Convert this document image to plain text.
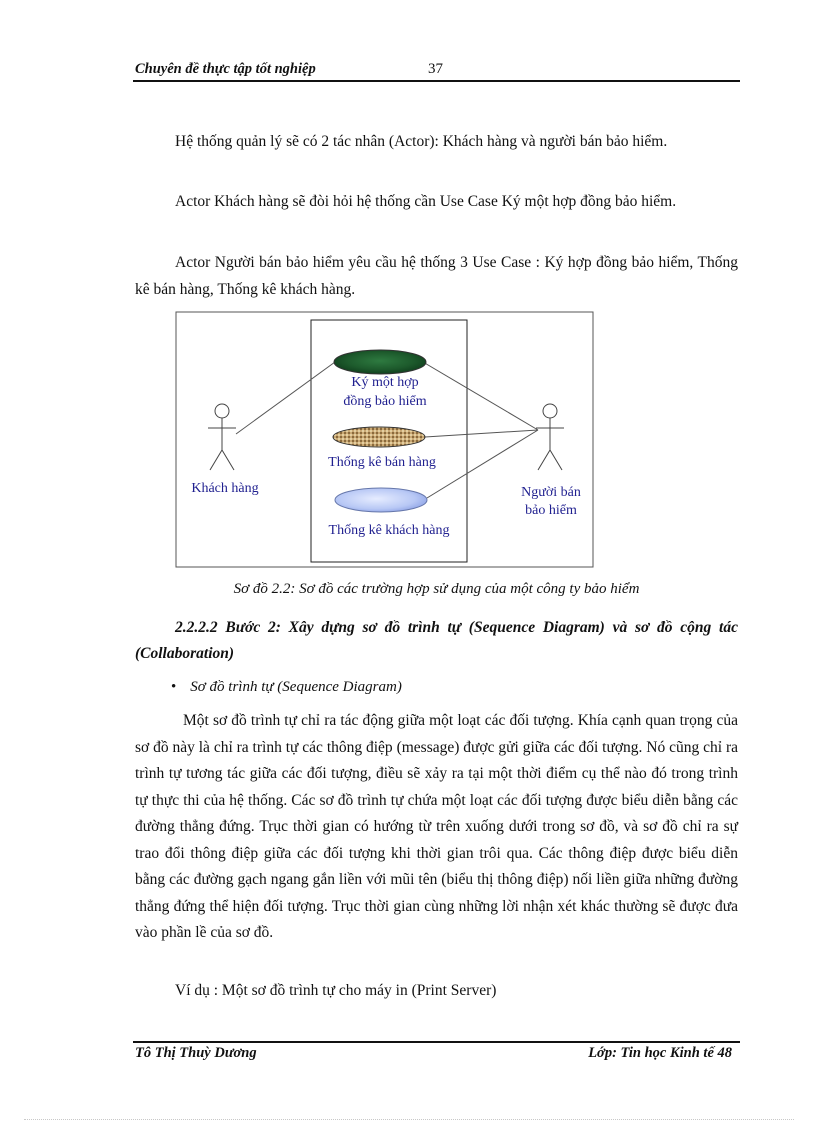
Chuyên đề thực tập tốt nghiệp	37

Hệ thống quản lý sẽ có 2 tác nhân (Actor): Khách hàng và người bán bảo hiểm.

Actor Khách hàng sẽ đòi hỏi hệ thống cần Use Case Ký một hợp đồng bảo hiểm.

Actor Người bán bảo hiểm yêu cầu hệ thống 3 Use Case : Ký hợp đồng bảo hiểm, Thống kê bán hàng, Thống kê khách hàng.

Ký một hợp
đồng bảo hiểm
Thống kê bán hàng
Thống kê khách hàng
Khách hàng	Người bán
bảo hiểm
Sơ đồ 2.2: Sơ đồ các trường hợp sử dụng của một công ty bảo hiểm

2.2.2.2 Bước 2: Xây dựng sơ đồ trình tự (Sequence Diagram) và sơ đồ cộng tác (Collaboration)

• Sơ đồ trình tự (Sequence Diagram)

Một sơ đồ trình tự chỉ ra tác động giữa một loạt các đối tượng. Khía cạnh quan trọng của sơ đồ này là chỉ ra trình tự các thông điệp (message) được gửi giữa các đối tượng. Nó cũng chỉ ra trình tự tương tác giữa các đối tượng, điều sẽ xảy ra tại một thời điểm cụ thể nào đó trong trình tự thực thi của hệ thống. Các sơ đồ trình tự chứa một loạt các đối tượng được biểu diễn bằng các đường thẳng đứng. Trục thời gian có hướng từ trên xuống dưới trong sơ đồ, và sơ đồ chỉ ra sự trao đổi thông điệp giữa các đối tượng khi thời gian trôi qua. Các thông điệp được biểu diễn bằng các đường gạch ngang gắn liền với mũi tên (biểu thị thông điệp) nối liền giữa những đường thẳng đứng thể hiện đối tượng. Trục thời gian cùng những lời nhận xét khác thường sẽ được đưa vào phần lề của sơ đồ.

Ví dụ : Một sơ đồ trình tự cho máy in (Print Server)

Tô Thị Thuỳ Dương	Lớp: Tin học Kinh tế 48
